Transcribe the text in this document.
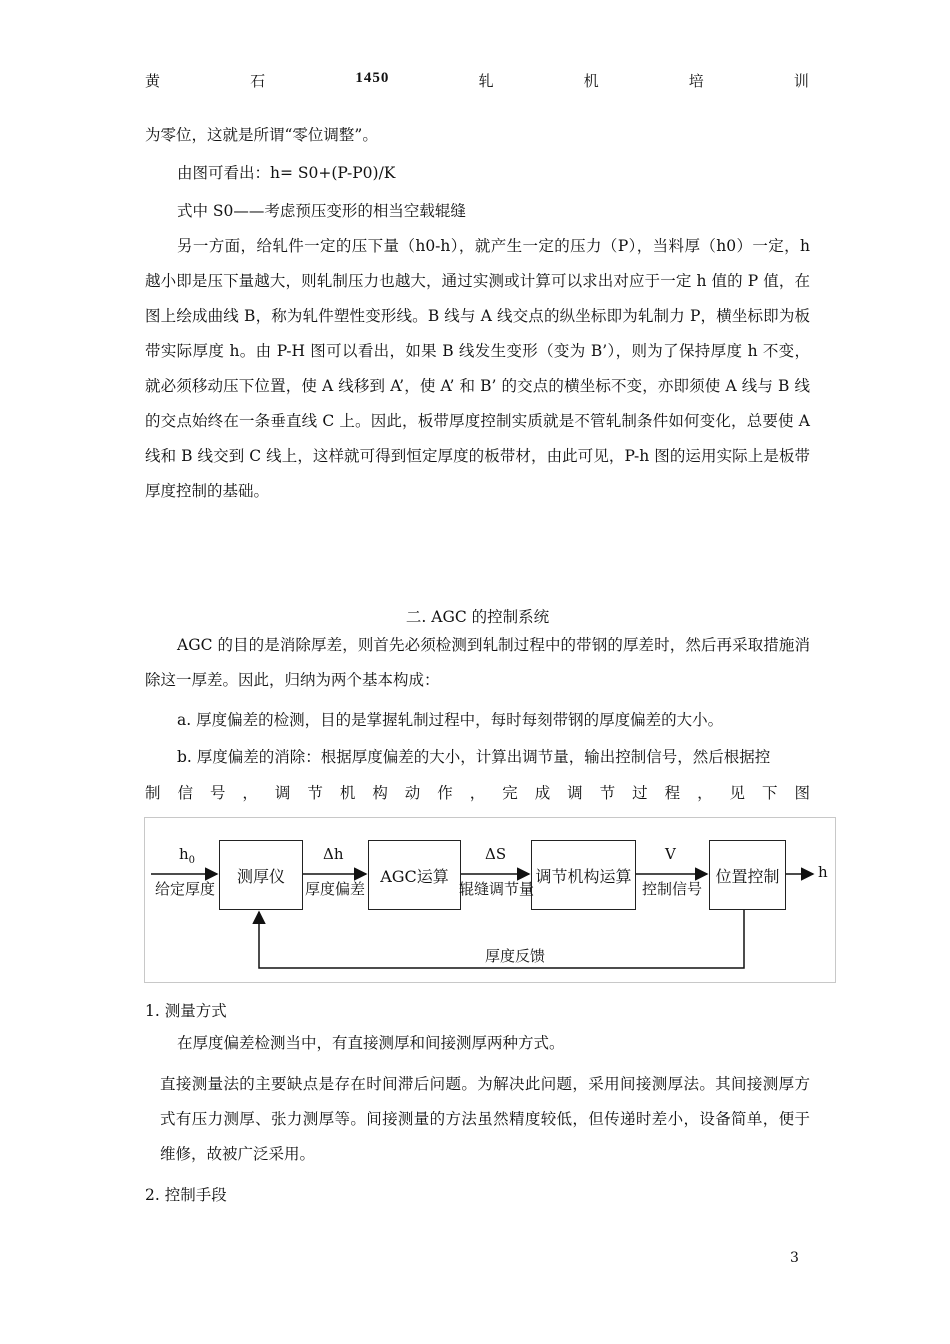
黄	石	1450	轧	机	培	训

为零位，这就是所谓“零位调整”。

由图可看出：h= S0+(P-P0)/K

式中 S0——考虑预压变形的相当空载辊缝

另一方面，给轧件一定的压下量（h0-h），就产生一定的压力（P），当料厚（h0）一定，h 越小即是压下量越大，则轧制压力也越大，通过实测或计算可以求出对应于一定 h 值的 P 值，在图上绘成曲线 B，称为轧件塑性变形线。B 线与 A 线交点的纵坐标即为轧制力 P，横坐标即为板带实际厚度 h。由 P-H 图可以看出，如果 B 线发生变形（变为 B’），则为了保持厚度 h 不变，就必须移动压下位置，使 A 线移到 A’，使 A’ 和 B’ 的交点的横坐标不变，亦即须使 A 线与 B 线的交点始终在一条垂直线 C 上。因此，板带厚度控制实质就是不管轧制条件如何变化，总要使 A 线和 B 线交到 C 线上，这样就可得到恒定厚度的板带材，由此可见，P-h 图的运用实际上是板带厚度控制的基础。

二. AGC 的控制系统

AGC 的目的是消除厚差，则首先必须检测到轧制过程中的带钢的厚差时，然后再采取措施消除这一厚差。因此，归纳为两个基本构成：

a. 厚度偏差的检测，目的是掌握轧制过程中，每时每刻带钢的厚度偏差的大小。

b. 厚度偏差的消除：根据厚度偏差的大小，计算出调节量，输出控制信号，然后根据控

制 信 号 ， 调 节 机 构 动 作 ， 完 成 调 节 过 程 ， 见 下 图

测厚仪	AGC运算	调节机构运算	位置控制
$h_0$
给定厚度
Δh
厚度偏差
ΔS
辊缝调节量
V
控制信号
h
厚度反馈

1. 测量方式

在厚度偏差检测当中，有直接测厚和间接测厚两种方式。

直接测量法的主要缺点是存在时间滞后问题。为解决此问题，采用间接测厚法。其间接测厚方式有压力测厚、张力测厚等。间接测量的方法虽然精度较低，但传递时差小，设备简单，便于维修，故被广泛采用。

2. 控制手段

3
